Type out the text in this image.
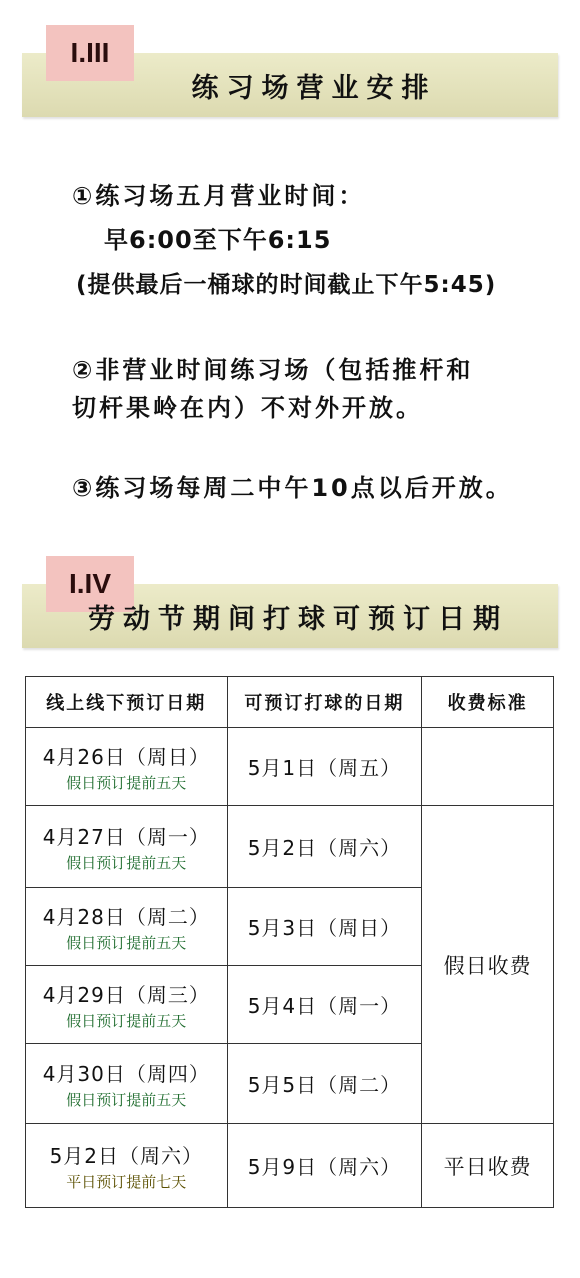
I.III
练习场营业安排
①练习场五月营业时间：
早6:00至下午6:15
(提供最后一桶球的时间截止下午5:45)
②非营业时间练习场（包括推杆和
切杆果岭在内）不对外开放。
③练习场每周二中午10点以后开放。
I.IV
劳动节期间打球可预订日期
线上线下预订日期	可预订打球的日期	收费标准

4月26日（周日）
假日预订提前五天	5月1日（周五）	

4月27日（周一）
假日预订提前五天	5月2日（周六）	假日收费

4月28日（周二）
假日预订提前五天	5月3日（周日）	

4月29日（周三）
假日预订提前五天	5月4日（周一）	

4月30日（周四）
假日预订提前五天	5月5日（周二）	

5月2日（周六）
平日预订提前七天	5月9日（周六）	平日收费
